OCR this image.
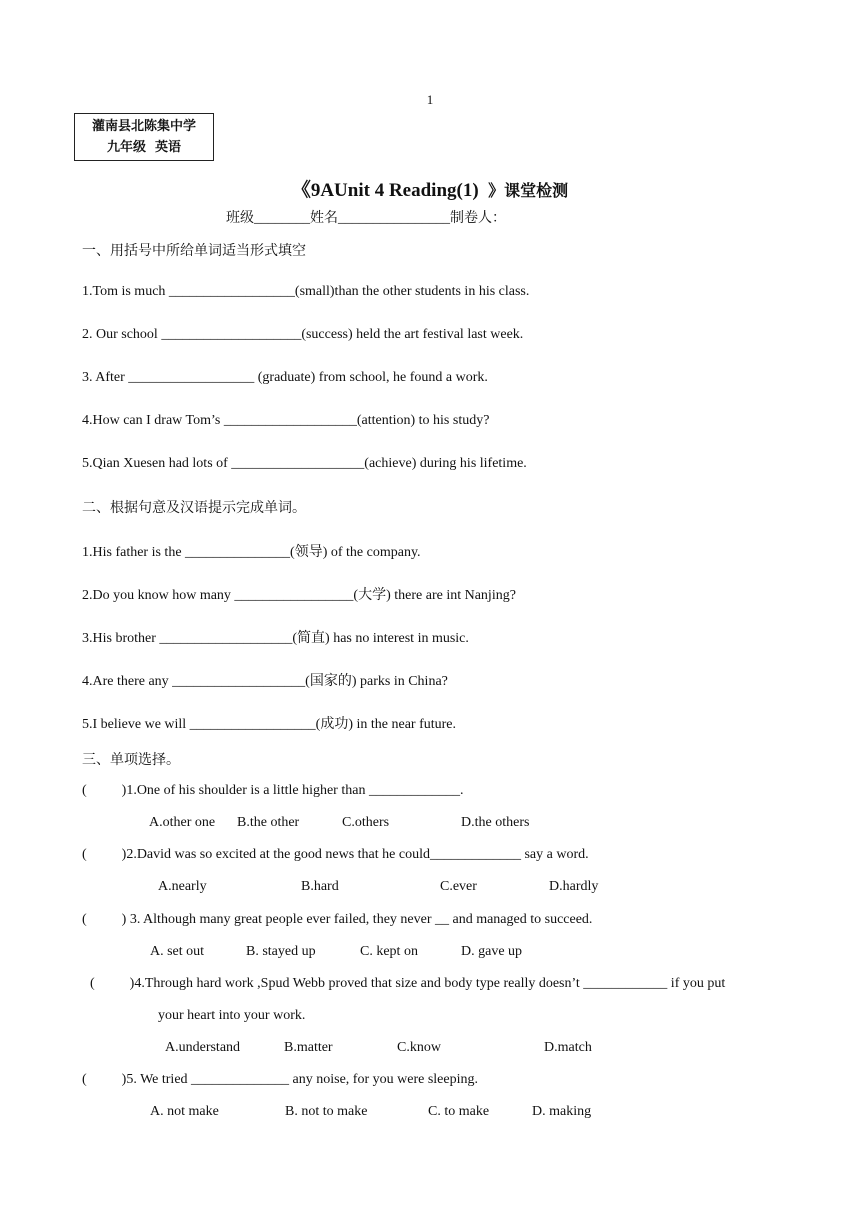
1
灌南县北陈集中学
九年级  英语
《9AUnit 4 Reading(1)  》课堂检测
班级________姓名________________制卷人：
一、用括号中所给单词适当形式填空
1.Tom is much __________________(small)than the other students in his class.
2. Our school ____________________(success) held the art festival last week.
3. After __________________ (graduate) from school, he found a work.
4.How can I draw Tom’s ___________________(attention) to his study?
5.Qian Xuesen had lots of ___________________(achieve) during his lifetime.
二、根据句意及汉语提示完成单词。
1.His father is the _______________(领导) of the company.
2.Do you know how many _________________(大学) there are int Nanjing?
3.His brother ___________________(简直) has no interest in music.
4.Are there any ___________________(国家的) parks in China?
5.I believe we will __________________(成功) in the near future.
三、单项选择。
(          )1.One of his shoulder is a little higher than _____________.
A.other one B.the other	C.others	D.the others
(          )2.David was so excited at the good news that he could_____________ say a word.
A.nearly	B.hard	C.ever	D.hardly
(          ) 3. Although many great people ever failed, they never __ and managed to succeed.
A. set out	B. stayed up	C. kept on	D. gave up
(          )4.Through hard work ,Spud Webb proved that size and body type really doesn’t ____________ if you put
your heart into your work.
A.understand	B.matter	C.know	D.match
(          )5. We tried ______________ any noise, for you were sleeping.
A. not make	B. not to make	C. to make	D. making
